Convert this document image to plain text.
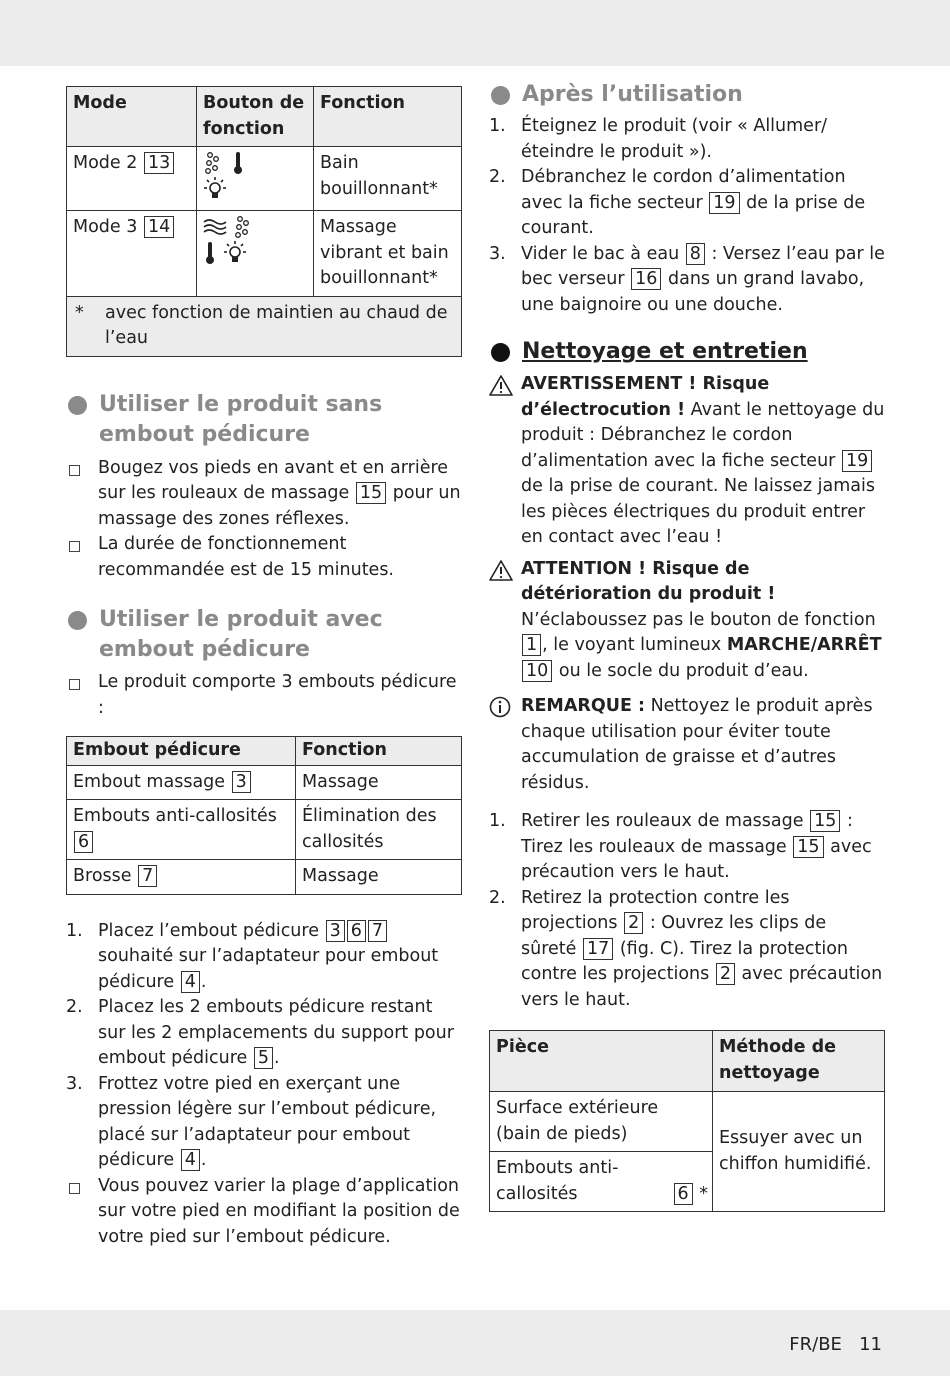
Mode	Bouton de fonction	Fonction
Mode 2 13		Bain bouillonnant*
Mode 3 14		Massage vibrant et bain bouillonnant*

* avec fonction de maintien au chaud de l’eau		
Utiliser le produit sans embout pédicure
Bougez vos pieds en avant et en arrière sur les rouleaux de massage 15 pour un massage des zones réflexes.
La durée de fonctionnement recommandée est de 15 minutes.
Utiliser le produit avec embout pédicure
Le produit comporte 3 embouts pédicure :
Embout pédicure	Fonction
Embout massage 3	Massage
Embouts anti-callosités 6	Élimination des callosités
Brosse 7	Massage
1. Placez l’embout pédicure 3 6 7 souhaité sur l’adaptateur pour embout pédicure 4 .
2. Placez les 2 embouts pédicure restant sur les 2 emplacements du support pour embout pédicure 5 .
3. Frottez votre pied en exerçant une pression légère sur l’embout pédicure, placé sur l’adaptateur pour embout pédicure 4 .
Vous pouvez varier la plage d’application sur votre pied en modifiant la position de votre pied sur l’embout pédicure.
Après l’utilisation
1. Éteignez le produit (voir « Allumer/éteindre le produit »).
2. Débranchez le cordon d’alimentation avec la fiche secteur 19 de la prise de courant.
3. Vider le bac à eau 8 : Versez l’eau par le bec verseur 16 dans un grand lavabo, une baignoire ou une douche.
Nettoyage et entretien
AVERTISSEMENT ! Risque d’électrocution ! Avant le nettoyage du produit : Débranchez le cordon d’alimentation avec la fiche secteur 19 de la prise de courant. Ne laissez jamais les pièces électriques du produit entrer en contact avec l’eau !
ATTENTION ! Risque de détérioration du produit ! N’éclaboussez pas le bouton de fonction 1 , le voyant lumineux MARCHE/ARRÊT 10 ou le socle du produit d’eau.
REMARQUE : Nettoyez le produit après chaque utilisation pour éviter toute accumulation de graisse et d’autres résidus.
1. Retirer les rouleaux de massage 15 : Tirez les rouleaux de massage 15 avec précaution vers le haut.
2. Retirez la protection contre les projections 2 : Ouvrez les clips de sûreté 17 (fig. C). Tirez la protection contre les projections 2 avec précaution vers le haut.
Pièce	Méthode de nettoyage
Surface extérieure (bain de pieds)	Essuyer avec un chiffon humidifié.

Embouts anti-callosités 6 *	
FR/BE 11
